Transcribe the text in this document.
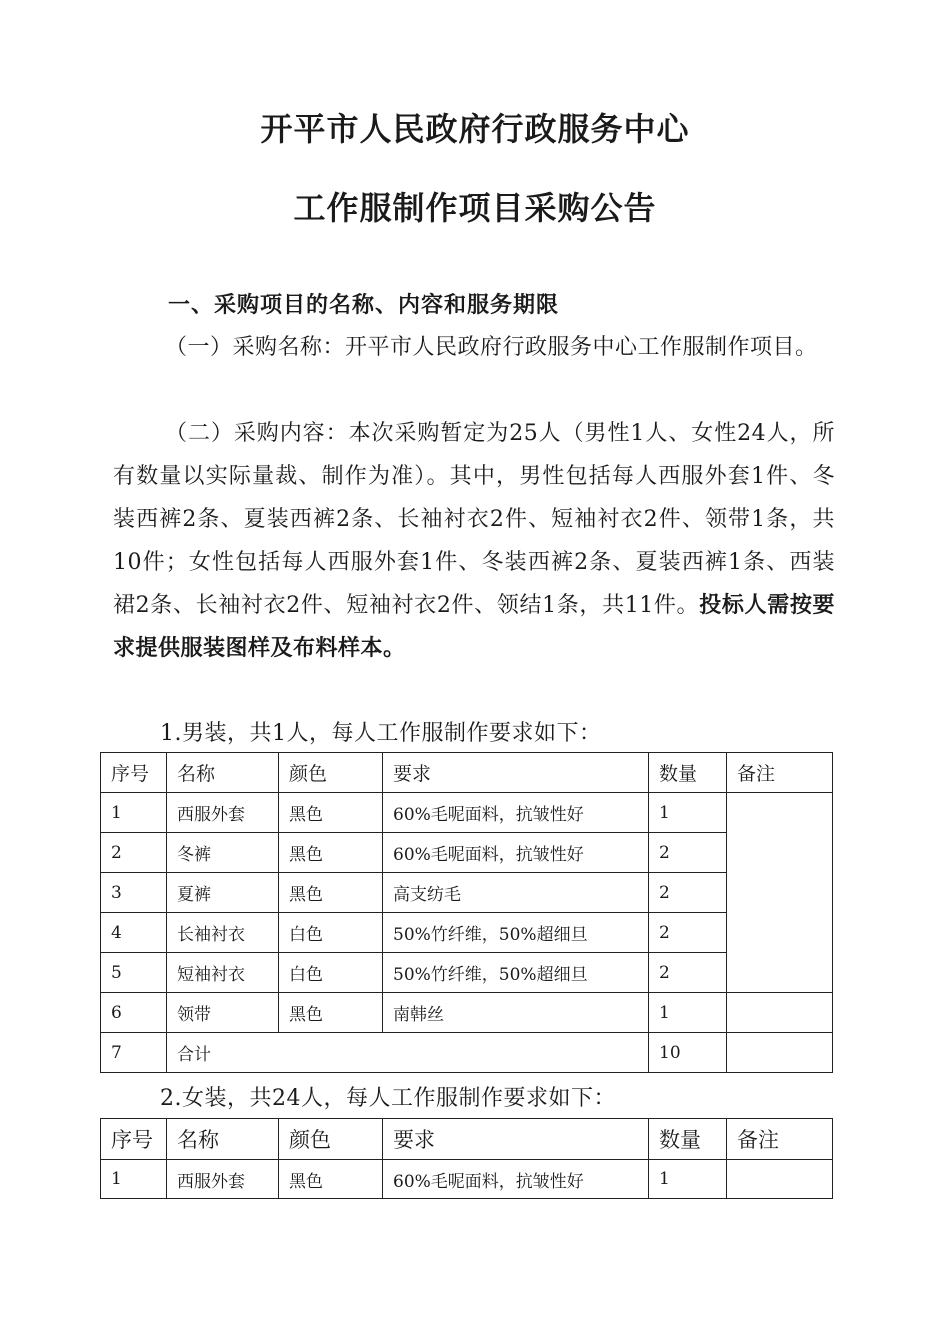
开平市人民政府行政服务中心
工作服制作项目采购公告
一、采购项目的名称、内容和服务期限

（一）采购名称：开平市人民政府行政服务中心工作服制作项目。

（二）采购内容：本次采购暂定为25人（男性1人、女性24人，所有数量以实际量裁、制作为准）。其中，男性包括每人西服外套1件、冬装西裤2条、夏装西裤2条、长袖衬衣2件、短袖衬衣2件、领带1条，共10件；女性包括每人西服外套1件、冬装西裤2条、夏装西裤1条、西装裙2条、长袖衬衣2件、短袖衬衣2件、领结1条，共11件。投标人需按要求提供服装图样及布料样本。

1.男装，共1人，每人工作服制作要求如下：

序号	名称	颜色	要求	数量	备注
1	西服外套	黑色	60%毛呢面料，抗皱性好	1	
2	冬裤	黑色	60%毛呢面料，抗皱性好	2	
3	夏裤	黑色	高支纺毛	2	
4	长袖衬衣	白色	50%竹纤维，50%超细旦	2	
5	短袖衬衣	白色	50%竹纤维，50%超细旦	2	
6	领带	黑色	南韩丝	1	
7	合计			10	

2.女装，共24人，每人工作服制作要求如下：

序号	名称	颜色	要求	数量	备注
1	西服外套	黑色	60%毛呢面料，抗皱性好	1	
